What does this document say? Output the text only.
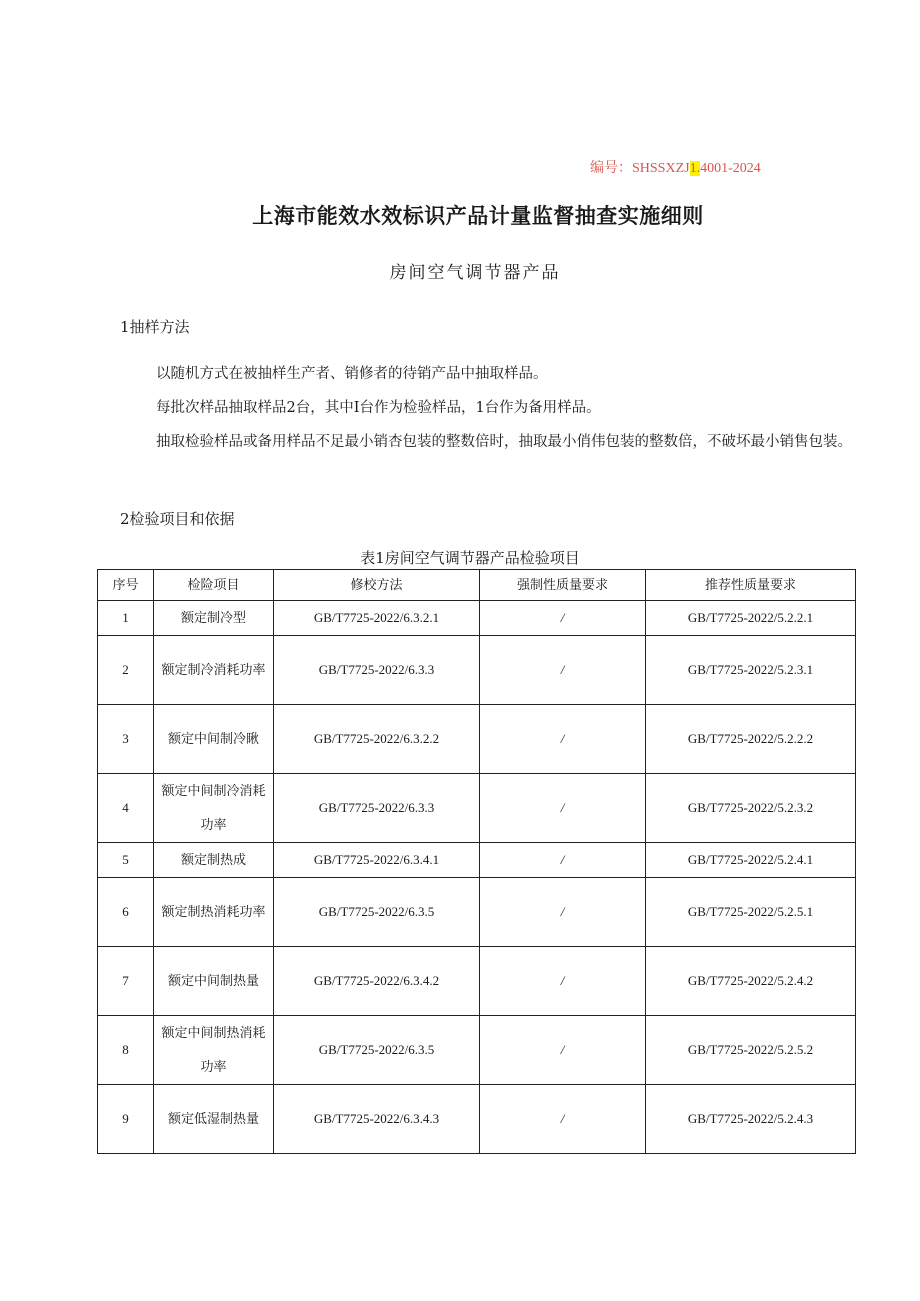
编号：SHSSXZJ1.4001-2024
上海市能效水效标识产品计量监督抽查实施细则
房间空气调节器产品
1抽样方法
以随机方式在被抽样生产者、销修者的待销产品中抽取样品。
每批次样品抽取样品2台，其中I台作为检验样品，1台作为备用样品。
抽取检验样品或备用样品不足最小销杏包装的整数倍时，抽取最小俏伟包装的整数倍，不破坏最小销售包装。
2检验项目和依据
表1房间空气调节器产品检验项目
序号	检险项目	修校方法	强制性质量要求	推荐性质量要求
1	额定制冷型	GB/T7725-2022/6.3.2.1	/	GB/T7725-2022/5.2.2.1
2	额定制冷消耗功率	GB/T7725-2022/6.3.3	/	GB/T7725-2022/5.2.3.1
3	额定中间制冷瞅	GB/T7725-2022/6.3.2.2	/	GB/T7725-2022/5.2.2.2
4	额定中间制冷消耗功率	GB/T7725-2022/6.3.3	/	GB/T7725-2022/5.2.3.2
5	额定制热成	GB/T7725-2022/6.3.4.1	/	GB/T7725-2022/5.2.4.1
6	额定制热消耗功率	GB/T7725-2022/6.3.5	/	GB/T7725-2022/5.2.5.1
7	额定中间制热量	GB/T7725-2022/6.3.4.2	/	GB/T7725-2022/5.2.4.2
8	额定中间制热消耗功率	GB/T7725-2022/6.3.5	/	GB/T7725-2022/5.2.5.2
9	额定低湿制热量	GB/T7725-2022/6.3.4.3	/	GB/T7725-2022/5.2.4.3
